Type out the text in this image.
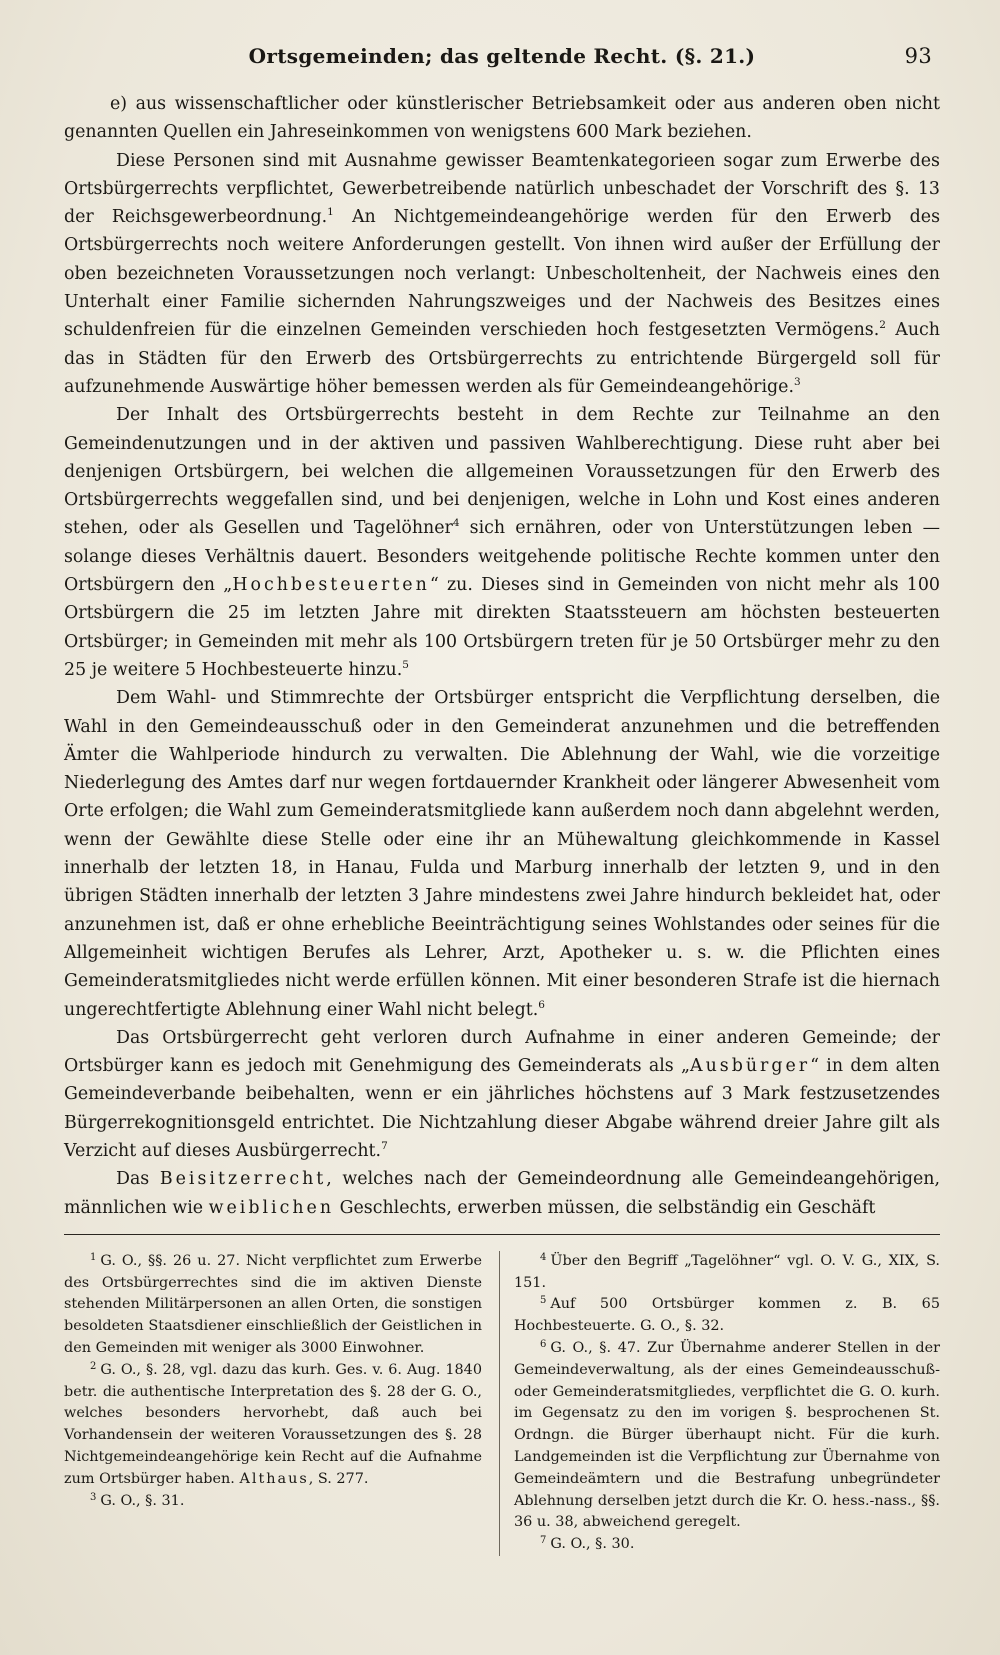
Ortsgemeinden; das geltende Recht. (§. 21.)	93

e) aus wissenschaftlicher oder künstlerischer Betriebsamkeit oder aus anderen oben nicht genannten Quellen ein Jahreseinkommen von wenigstens 600 Mark beziehen.

Diese Personen sind mit Ausnahme gewisser Beamtenkategorieen sogar zum Erwerbe des Ortsbürgerrechts verpflichtet, Gewerbetreibende natürlich unbeschadet der Vorschrift des §. 13 der Reichsgewerbeordnung.$^1$ An Nichtgemeindeangehörige werden für den Erwerb des Ortsbürgerrechts noch weitere Anforderungen gestellt. Von ihnen wird außer der Erfüllung der oben bezeichneten Voraussetzungen noch verlangt: Unbescholtenheit, der Nachweis eines den Unterhalt einer Familie sichernden Nahrungszweiges und der Nachweis des Besitzes eines schuldenfreien für die einzelnen Gemeinden verschieden hoch festgesetzten Vermögens.$^2$ Auch das in Städten für den Erwerb des Ortsbürgerrechts zu entrichtende Bürgergeld soll für aufzunehmende Auswärtige höher bemessen werden als für Gemeindeangehörige.$^3$

Der Inhalt des Ortsbürgerrechts besteht in dem Rechte zur Teilnahme an den Gemeindenutzungen und in der aktiven und passiven Wahlberechtigung. Diese ruht aber bei denjenigen Ortsbürgern, bei welchen die allgemeinen Voraussetzungen für den Erwerb des Ortsbürgerrechts weggefallen sind, und bei denjenigen, welche in Lohn und Kost eines anderen stehen, oder als Gesellen und Tagelöhner$^4$ sich ernähren, oder von Unterstützungen leben — solange dieses Verhältnis dauert. Besonders weitgehende politische Rechte kommen unter den Ortsbürgern den „Hochbesteuerten“ zu. Dieses sind in Gemeinden von nicht mehr als 100 Ortsbürgern die 25 im letzten Jahre mit direkten Staatssteuern am höchsten besteuerten Ortsbürger; in Gemeinden mit mehr als 100 Ortsbürgern treten für je 50 Ortsbürger mehr zu den 25 je weitere 5 Hochbesteuerte hinzu.$^5$

Dem Wahl- und Stimmrechte der Ortsbürger entspricht die Verpflichtung derselben, die Wahl in den Gemeindeausschuß oder in den Gemeinderat anzunehmen und die betreffenden Ämter die Wahlperiode hindurch zu verwalten. Die Ablehnung der Wahl, wie die vorzeitige Niederlegung des Amtes darf nur wegen fortdauernder Krankheit oder längerer Abwesenheit vom Orte erfolgen; die Wahl zum Gemeinderatsmitgliede kann außerdem noch dann abgelehnt werden, wenn der Gewählte diese Stelle oder eine ihr an Mühewaltung gleichkommende in Kassel innerhalb der letzten 18, in Hanau, Fulda und Marburg innerhalb der letzten 9, und in den übrigen Städten innerhalb der letzten 3 Jahre mindestens zwei Jahre hindurch bekleidet hat, oder anzunehmen ist, daß er ohne erhebliche Beeinträchtigung seines Wohlstandes oder seines für die Allgemeinheit wichtigen Berufes als Lehrer, Arzt, Apotheker u. s. w. die Pflichten eines Gemeinderatsmitgliedes nicht werde erfüllen können. Mit einer besonderen Strafe ist die hiernach ungerechtfertigte Ablehnung einer Wahl nicht belegt.$^6$

Das Ortsbürgerrecht geht verloren durch Aufnahme in einer anderen Gemeinde; der Ortsbürger kann es jedoch mit Genehmigung des Gemeinderats als „Ausbürger“ in dem alten Gemeindeverbande beibehalten, wenn er ein jährliches höchstens auf 3 Mark festzusetzendes Bürgerrekognitionsgeld entrichtet. Die Nichtzahlung dieser Abgabe während dreier Jahre gilt als Verzicht auf dieses Ausbürgerrecht.$^7$

Das Beisitzerrecht, welches nach der Gemeindeordnung alle Gemeindeangehörigen, männlichen wie weiblichen Geschlechts, erwerben müssen, die selbständig ein Geschäft

$^1$ G. O., §§. 26 u. 27. Nicht verpflichtet zum Erwerbe des Ortsbürgerrechtes sind die im aktiven Dienste stehenden Militärpersonen an allen Orten, die sonstigen besoldeten Staatsdiener einschließlich der Geistlichen in den Gemeinden mit weniger als 3000 Einwohner.

$^2$ G. O., §. 28, vgl. dazu das kurh. Ges. v. 6. Aug. 1840 betr. die authentische Interpretation des §. 28 der G. O., welches besonders hervorhebt, daß auch bei Vorhandensein der weiteren Voraussetzungen des §. 28 Nichtgemeindeangehörige kein Recht auf die Aufnahme zum Ortsbürger haben. Althaus, S. 277.

$^3$ G. O., §. 31.

$^4$ Über den Begriff „Tagelöhner“ vgl. O. V. G., XIX, S. 151.

$^5$ Auf 500 Ortsbürger kommen z. B. 65 Hochbesteuerte. G. O., §. 32.

$^6$ G. O., §. 47. Zur Übernahme anderer Stellen in der Gemeindeverwaltung, als der eines Gemeindeausschuß- oder Gemeinderatsmitgliedes, verpflichtet die G. O. kurh. im Gegensatz zu den im vorigen §. besprochenen St. Ordngn. die Bürger überhaupt nicht. Für die kurh. Landgemeinden ist die Verpflichtung zur Übernahme von Gemeindeämtern und die Bestrafung unbegründeter Ablehnung derselben jetzt durch die Kr. O. hess.-nass., §§. 36 u. 38, abweichend geregelt.

$^7$ G. O., §. 30.
